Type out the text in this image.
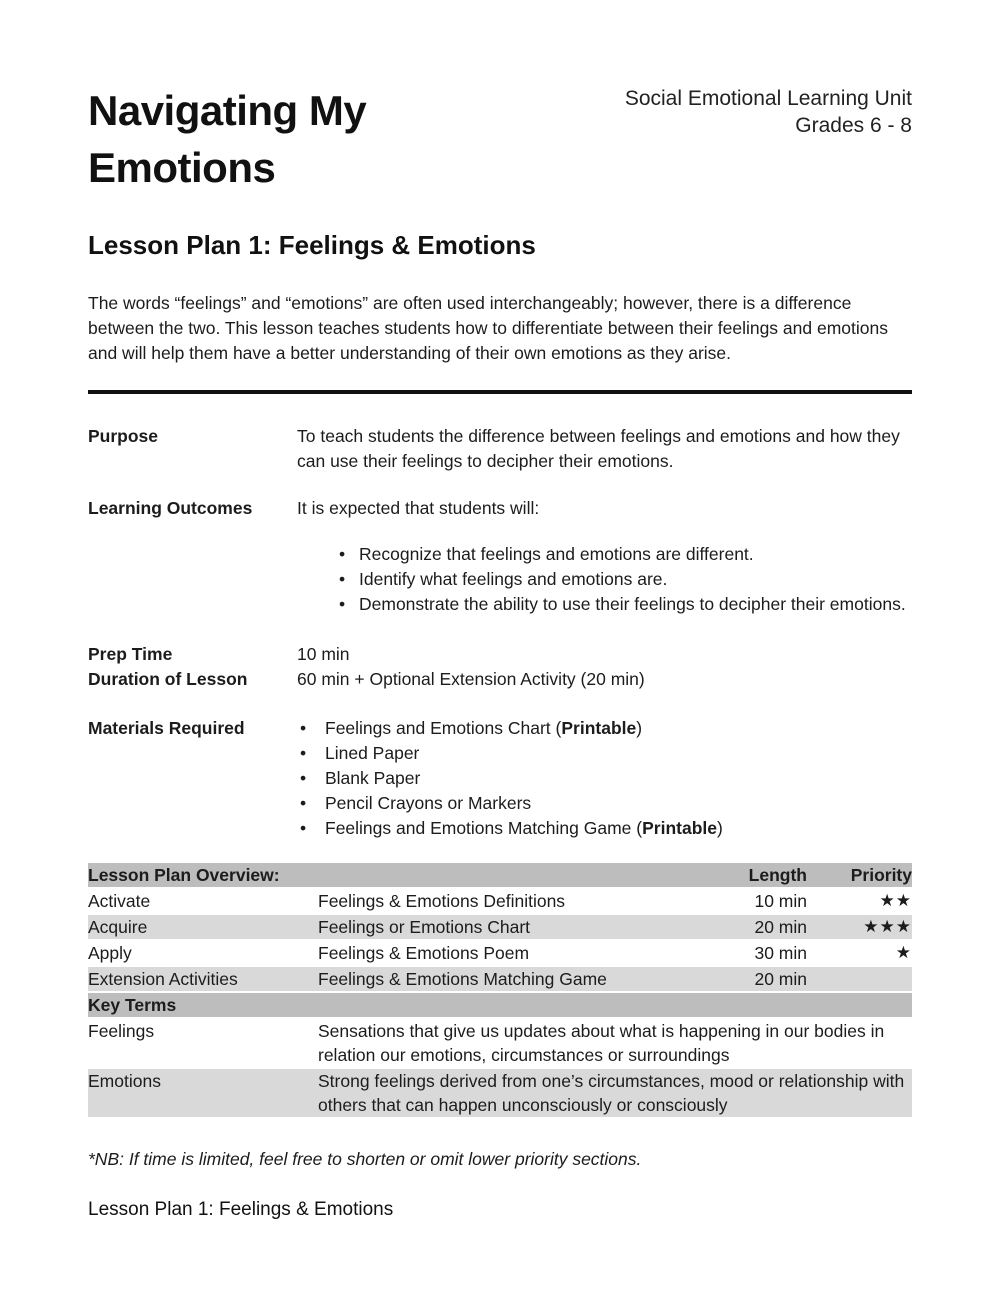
Navigating My Emotions
Social Emotional Learning Unit
Grades 6 - 8
Lesson Plan 1: Feelings & Emotions

The words “feelings” and “emotions” are often used interchangeably; however, there is a difference between the two. This lesson teaches students how to differentiate between their feelings and emotions and will help them have a better understanding of their own emotions as they arise.

Purpose	To teach students the difference between feelings and emotions and how they can use their feelings to decipher their emotions.
Learning Outcomes	It is expected that students will:
• Recognize that feelings and emotions are different.
• Identify what feelings and emotions are.
• Demonstrate the ability to use their feelings to decipher their emotions.
Prep Time	10 min
Duration of Lesson	60 min + Optional Extension Activity (20 min)
Materials Required	• Feelings and Emotions Chart (Printable)
• Lined Paper
• Blank Paper
• Pencil Crayons or Markers
• Feelings and Emotions Matching Game (Printable)
Lesson Plan Overview:		Length	Priority
Activate	Feelings & Emotions Definitions	10 min	★★
Acquire	Feelings or Emotions Chart	20 min	★★★
Apply	Feelings & Emotions Poem	30 min	★
Extension Activities	Feelings & Emotions Matching Game	20 min	
Key Terms			
Feelings	Sensations that give us updates about what is happening in our bodies in relation our emotions, circumstances or surroundings		
Emotions	Strong feelings derived from one’s circumstances, mood or relationship with others that can happen unconsciously or consciously		

*NB: If time is limited, feel free to shorten or omit lower priority sections.

Lesson Plan 1: Feelings & Emotions
